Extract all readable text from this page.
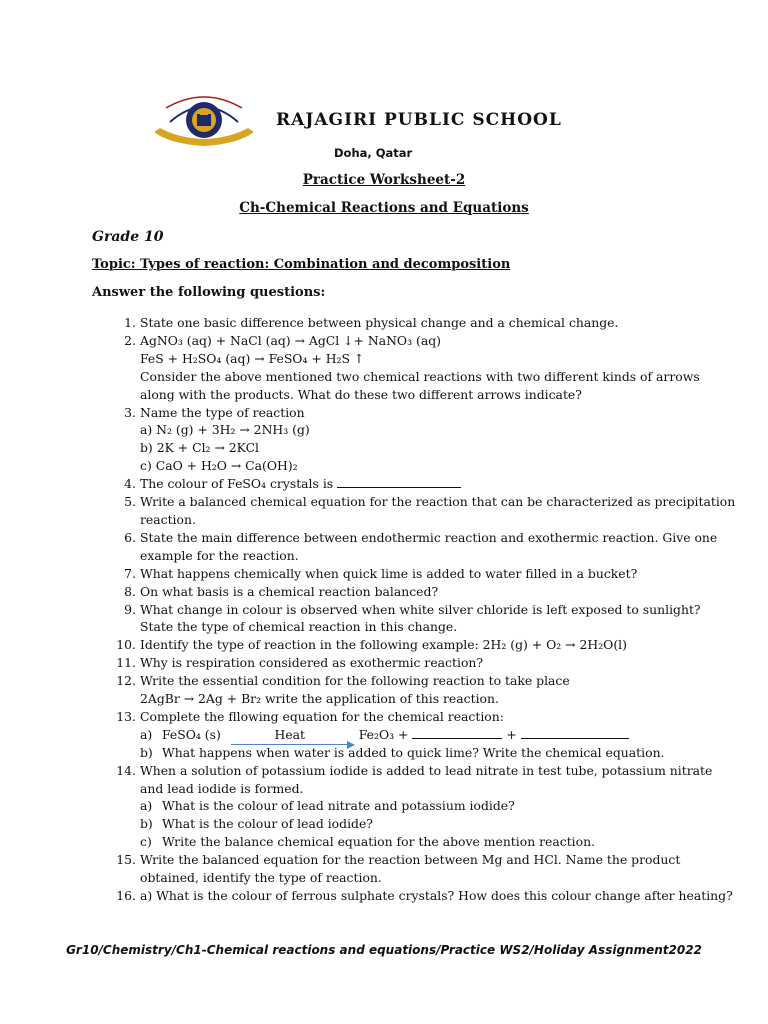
RAJAGIRI PUBLIC SCHOOL
Doha, Qatar
Practice Worksheet-2
Ch-Chemical Reactions and Equations
Grade 10
Topic: Types of reaction: Combination and decomposition
Answer the following questions:
1. State one basic difference between physical change and a chemical change.
2. AgNO₃ (aq) + NaCl (aq) → AgCl ↓+ NaNO₃ (aq)
FeS + H₂SO₄ (aq) → FeSO₄ + H₂S ↑
Consider the above mentioned two chemical reactions with two different kinds of arrows along with the products. What do these two different arrows indicate?
3. Name the type of reaction
a) N₂ (g) + 3H₂ → 2NH₃ (g)
b) 2K + Cl₂ → 2KCl
c) CaO + H₂O → Ca(OH)₂
4. The colour of FeSO₄ crystals is
5. Write a balanced chemical equation for the reaction that can be characterized as precipitation reaction.
6. State the main difference between endothermic reaction and exothermic reaction. Give one example for the reaction.
7. What happens chemically when quick lime is added to water filled in a bucket?
8. On what basis is a chemical reaction balanced?
9. What change in colour is observed when white silver chloride is left exposed to sunlight? State the type of chemical reaction in this change.
10. Identify the type of reaction in the following example: 2H₂ (g) + O₂ → 2H₂O(l)
11. Why is respiration considered as exothermic reaction?
12. Write the essential condition for the following reaction to take place
2AgBr → 2Ag + Br₂ write the application of this reaction.
13. Complete the fllowing equation for the chemical reaction:
a) FeSO₄ (s)	Heat	Fe₂O₃ +	+
b) What happens when water is added to quick lime? Write the chemical equation.
14. When a solution of potassium iodide is added to lead nitrate in test tube, potassium nitrate and lead iodide is formed.
a) What is the colour of lead nitrate and potassium iodide?
b) What is the colour of lead iodide?
c) Write the balance chemical equation for the above mention reaction.
15. Write the balanced equation for the reaction between Mg and HCl. Name the product obtained, identify the type of reaction.
16. a) What is the colour of ferrous sulphate crystals? How does this colour change after heating?
Gr10/Chemistry/Ch1-Chemical reactions and equations/Practice WS2/Holiday Assignment2022
